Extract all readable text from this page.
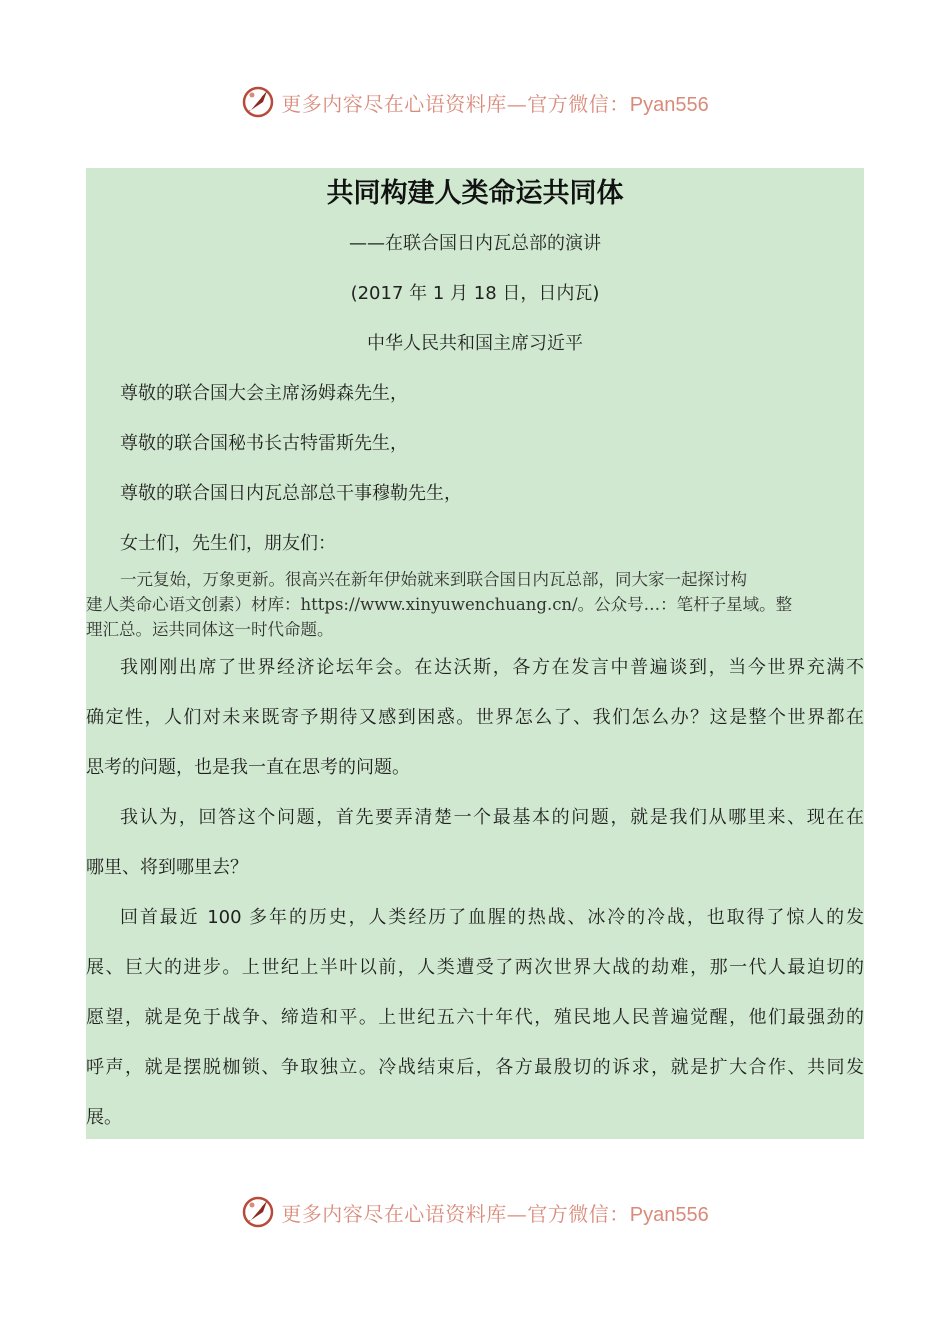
更多内容尽在心语资料库—官方微信：Pyan556
共同构建人类命运共同体
——在联合国日内瓦总部的演讲
(2017 年 1 月 18 日，日内瓦)
中华人民共和国主席习近平
尊敬的联合国大会主席汤姆森先生，
尊敬的联合国秘书长古特雷斯先生，
尊敬的联合国日内瓦总部总干事穆勒先生，
女士们，先生们，朋友们：
一元复始，万象更新。很高兴在新年伊始就来到联合国日内瓦总部，同大家一起探讨构
建人类命心语文创素）材库：https://www.xinyuwenchuang.cn/。公众号…：笔杆子星域。整
理汇总。运共同体这一时代命题。
我刚刚出席了世界经济论坛年会。在达沃斯，各方在发言中普遍谈到，当今世界充满不
确定性，人们对未来既寄予期待又感到困惑。世界怎么了、我们怎么办？这是整个世界都在
思考的问题，也是我一直在思考的问题。
我认为，回答这个问题，首先要弄清楚一个最基本的问题，就是我们从哪里来、现在在
哪里、将到哪里去？
回首最近 100 多年的历史，人类经历了血腥的热战、冰冷的冷战，也取得了惊人的发
展、巨大的进步。上世纪上半叶以前，人类遭受了两次世界大战的劫难，那一代人最迫切的
愿望，就是免于战争、缔造和平。上世纪五六十年代，殖民地人民普遍觉醒，他们最强劲的
呼声，就是摆脱枷锁、争取独立。冷战结束后，各方最殷切的诉求，就是扩大合作、共同发
展。
更多内容尽在心语资料库—官方微信：Pyan556
